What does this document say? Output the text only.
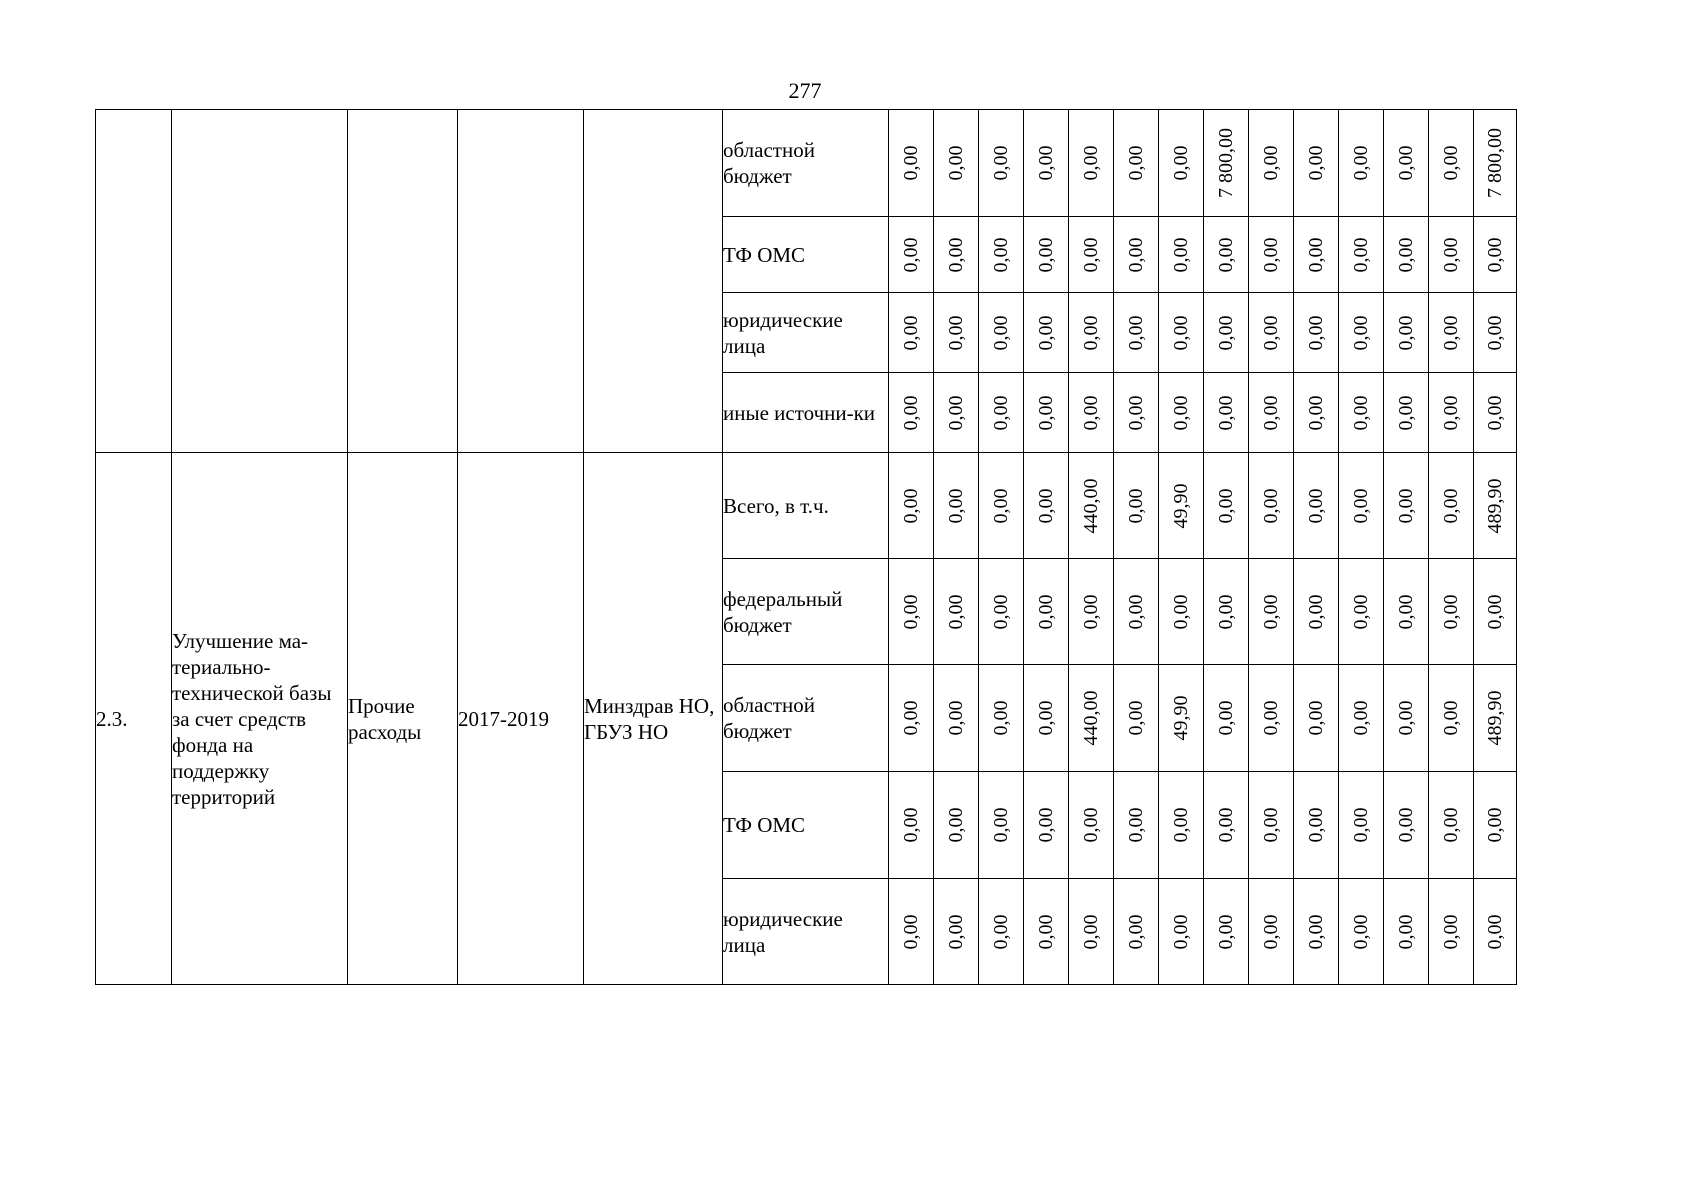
277
					областной бюджет	0,00	0,00	0,00	0,00	0,00	0,00	0,00	7 800,00	0,00	0,00	0,00	0,00	0,00	7 800,00

					ТФ ОМС	0,00	0,00	0,00	0,00	0,00	0,00	0,00	0,00	0,00	0,00	0,00	0,00	0,00	0,00

					юридические лица	0,00	0,00	0,00	0,00	0,00	0,00	0,00	0,00	0,00	0,00	0,00	0,00	0,00	0,00

					иные источни-ки	0,00	0,00	0,00	0,00	0,00	0,00	0,00	0,00	0,00	0,00	0,00	0,00	0,00	0,00

2.3.	Улучшение ма-териально-технической базы за счет средств фонда на поддержку территорий	Прочие расходы	2017-2019	Минздрав НО, ГБУЗ НО	Всего, в т.ч.	0,00	0,00	0,00	0,00	440,00	0,00	49,90	0,00	0,00	0,00	0,00	0,00	0,00	489,90

					федеральный бюджет	0,00	0,00	0,00	0,00	0,00	0,00	0,00	0,00	0,00	0,00	0,00	0,00	0,00	0,00

					областной бюджет	0,00	0,00	0,00	0,00	440,00	0,00	49,90	0,00	0,00	0,00	0,00	0,00	0,00	489,90

					ТФ ОМС	0,00	0,00	0,00	0,00	0,00	0,00	0,00	0,00	0,00	0,00	0,00	0,00	0,00	0,00

					юридические лица	0,00	0,00	0,00	0,00	0,00	0,00	0,00	0,00	0,00	0,00	0,00	0,00	0,00	0,00
